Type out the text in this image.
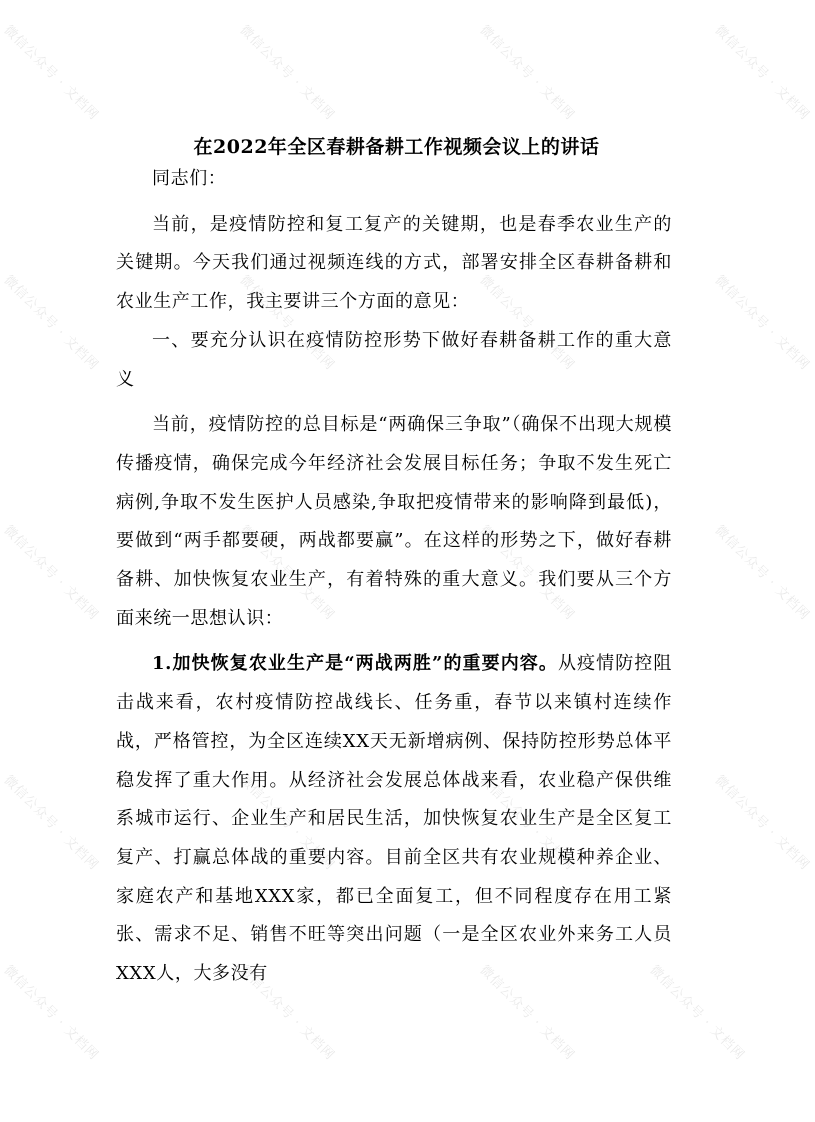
微信公众号 · 文档网	微信公众号 · 文档网	微信公众号 · 文档网	微信公众号 · 文档网
微信公众号 · 文档网	微信公众号 · 文档网	微信公众号 · 文档网	微信公众号 · 文档网
微信公众号 · 文档网	微信公众号 · 文档网	微信公众号 · 文档网	微信公众号 · 文档网
微信公众号 · 文档网	微信公众号 · 文档网	微信公众号 · 文档网	微信公众号 · 文档网
微信公众号 · 文档网	微信公众号 · 文档网	微信公众号 · 文档网	微信公众号 · 文档网
在2022年全区春耕备耕工作视频会议上的讲话

同志们：

当前，是疫情防控和复工复产的关键期，也是春季农业生产的关键期。今天我们通过视频连线的方式，部署安排全区春耕备耕和农业生产工作，我主要讲三个方面的意见：

一、要充分认识在疫情防控形势下做好春耕备耕工作的重大意义

当前，疫情防控的总目标是“两确保三争取”（确保不出现大规模传播疫情，确保完成今年经济社会发展目标任务；争取不发生死亡病例,争取不发生医护人员感染,争取把疫情带来的影响降到最低)，要做到“两手都要硬，两战都要赢”。在这样的形势之下，做好春耕备耕、加快恢复农业生产，有着特殊的重大意义。我们要从三个方面来统一思想认识：

1.加快恢复农业生产是“两战两胜”的重要内容。从疫情防控阻击战来看，农村疫情防控战线长、任务重，春节以来镇村连续作战，严格管控，为全区连续XX天无新增病例、保持防控形势总体平稳发挥了重大作用。从经济社会发展总体战来看，农业稳产保供维系城市运行、企业生产和居民生活，加快恢复农业生产是全区复工复产、打赢总体战的重要内容。目前全区共有农业规模种养企业、家庭农产和基地XXX家，都已全面复工，但不同程度存在用工紧张、需求不足、销售不旺等突出问题（一是全区农业外来务工人员XXX人，大多没有
